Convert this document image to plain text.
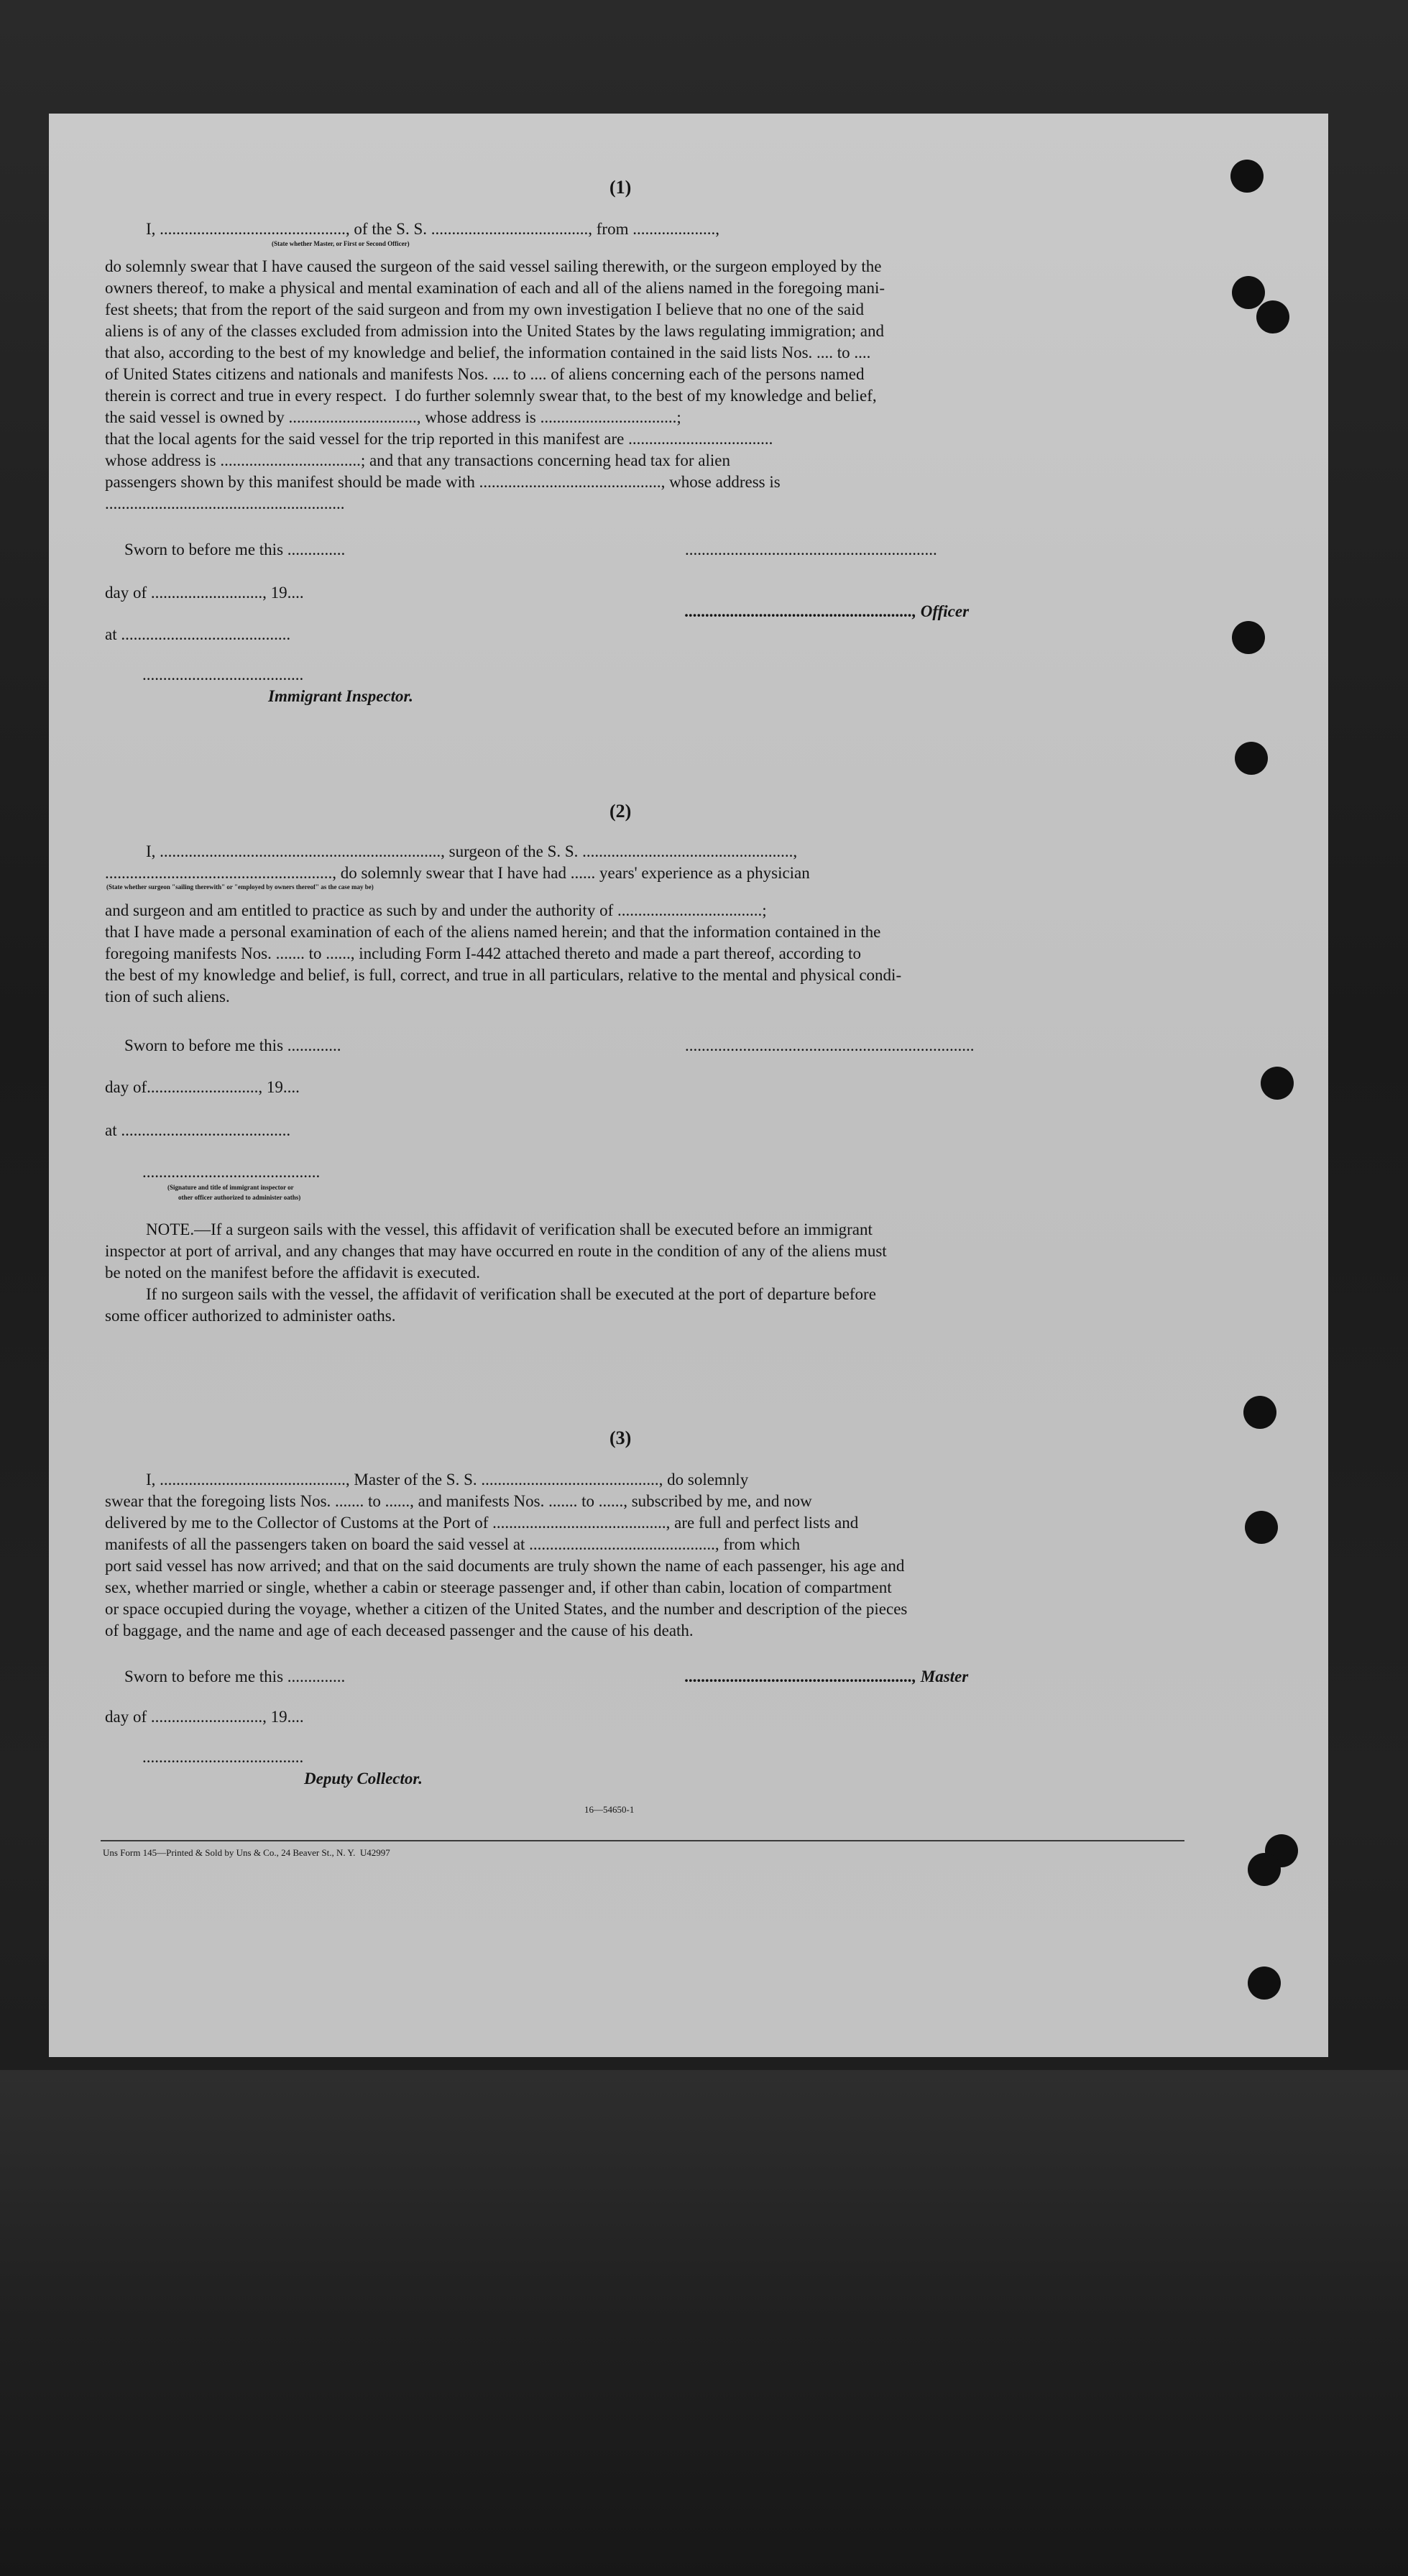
(1)

I, ............................................., of the S. S. ......................................, from ....................,

(State whether Master, or First or Second Officer)

do solemnly swear that I have caused the surgeon of the said vessel sailing therewith, or the surgeon employed by the

owners thereof, to make a physical and mental examination of each and all of the aliens named in the foregoing mani-

fest sheets; that from the report of the said surgeon and from my own investigation I believe that no one of the said

aliens is of any of the classes excluded from admission into the United States by the laws regulating immigration; and

that also, according to the best of my knowledge and belief, the information contained in the said lists Nos. .... to ....

of United States citizens and nationals and manifests Nos. .... to .... of aliens concerning each of the persons named

therein is correct and true in every respect.  I do further solemnly swear that, to the best of my knowledge and belief,

the said vessel is owned by ..............................., whose address is .................................;

that the local agents for the said vessel for the trip reported in this manifest are ...................................

whose address is ..................................; and that any transactions concerning head tax for alien

passengers shown by this manifest should be made with ............................................, whose address is

..........................................................

Sworn to before me this ..............	.............................................................

day of ..........................., 19....

......................................................., Officer

at .........................................

.......................................

Immigrant Inspector.

(2)

I, ...................................................................., surgeon of the S. S. ...................................................,

......................................................., do solemnly swear that I have had ...... years' experience as a physician

(State whether surgeon "sailing therewith" or "employed by owners thereof" as the case may be)

and surgeon and am entitled to practice as such by and under the authority of ...................................;

that I have made a personal examination of each of the aliens named herein; and that the information contained in the

foregoing manifests Nos. ....... to ......, including Form I-442 attached thereto and made a part thereof, according to

the best of my knowledge and belief, is full, correct, and true in all particulars, relative to the mental and physical condi-

tion of such aliens.

Sworn to before me this .............	......................................................................

day of..........................., 19....

at .........................................

...........................................

(Signature and title of immigrant inspector or

other officer authorized to administer oaths)

NOTE.—If a surgeon sails with the vessel, this affidavit of verification shall be executed before an immigrant

inspector at port of arrival, and any changes that may have occurred en route in the condition of any of the aliens must

be noted on the manifest before the affidavit is executed.

If no surgeon sails with the vessel, the affidavit of verification shall be executed at the port of departure before

some officer authorized to administer oaths.

(3)

I, ............................................., Master of the S. S. ..........................................., do solemnly

swear that the foregoing lists Nos. ....... to ......, and manifests Nos. ....... to ......, subscribed by me, and now

delivered by me to the Collector of Customs at the Port of .........................................., are full and perfect lists and

manifests of all the passengers taken on board the said vessel at ............................................., from which

port said vessel has now arrived; and that on the said documents are truly shown the name of each passenger, his age and

sex, whether married or single, whether a cabin or steerage passenger and, if other than cabin, location of compartment

or space occupied during the voyage, whether a citizen of the United States, and the number and description of the pieces

of baggage, and the name and age of each deceased passenger and the cause of his death.

Sworn to before me this ..............	......................................................., Master

day of ..........................., 19....

.......................................

Deputy Collector.

16—54650-1

Uns Form 145—Printed & Sold by Uns & Co., 24 Beaver St., N. Y.  U42997
